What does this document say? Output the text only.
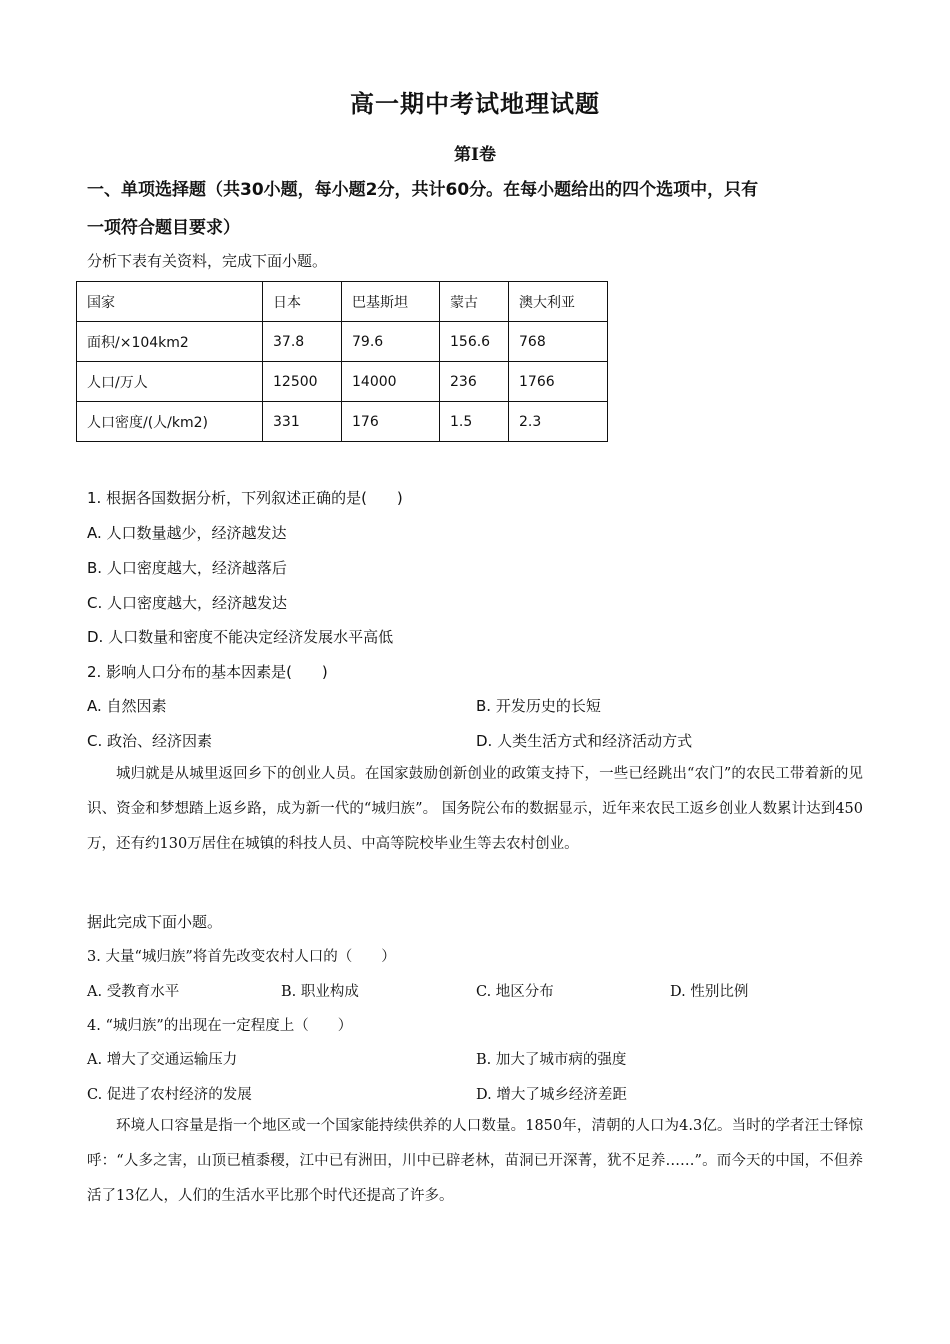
高一期中考试地理试题
第Ⅰ卷
一、单项选择题（共30小题，每小题2分，共计60分。在每小题给出的四个选项中，只有
一项符合题目要求）
分析下表有关资料，完成下面小题。
国家	日本	巴基斯坦	蒙古	澳大利亚
面积/×104km2	37.8	79.6	156.6	768
人口/万人	12500	14000	236	1766
人口密度/(人/km2)	331	176	1.5	2.3
1. 根据各国数据分析，下列叙述正确的是(　　)
A. 人口数量越少，经济越发达
B. 人口密度越大，经济越落后
C. 人口密度越大，经济越发达
D. 人口数量和密度不能决定经济发展水平高低
2. 影响人口分布的基本因素是(　　)
A. 自然因素	B. 开发历史的长短
C. 政治、经济因素	D. 人类生活方式和经济活动方式
城归就是从城里返回乡下的创业人员。在国家鼓励创新创业的政策支持下，一些已经跳出“农门”的农民工带着新的见识、资金和梦想踏上返乡路，成为新一代的“城归族”。 国务院公布的数据显示，近年来农民工返乡创业人数累计达到450万，还有约130万居住在城镇的科技人员、中高等院校毕业生等去农村创业。
据此完成下面小题。
3. 大量“城归族”将首先改变农村人口的（　　）
A. 受教育水平	B. 职业构成	C. 地区分布	D. 性别比例
4. “城归族”的出现在一定程度上（　　）
A. 增大了交通运输压力	B. 加大了城市病的强度
C. 促进了农村经济的发展	D. 增大了城乡经济差距
环境人口容量是指一个地区或一个国家能持续供养的人口数量。1850年，清朝的人口为4.3亿。当时的学者汪士铎惊呼：“人多之害，山顶已植黍稷，江中已有洲田，川中已辟老林，苗洞已开深菁，犹不足养……”。而今天的中国，不但养活了13亿人，人们的生活水平比那个时代还提高了许多。
